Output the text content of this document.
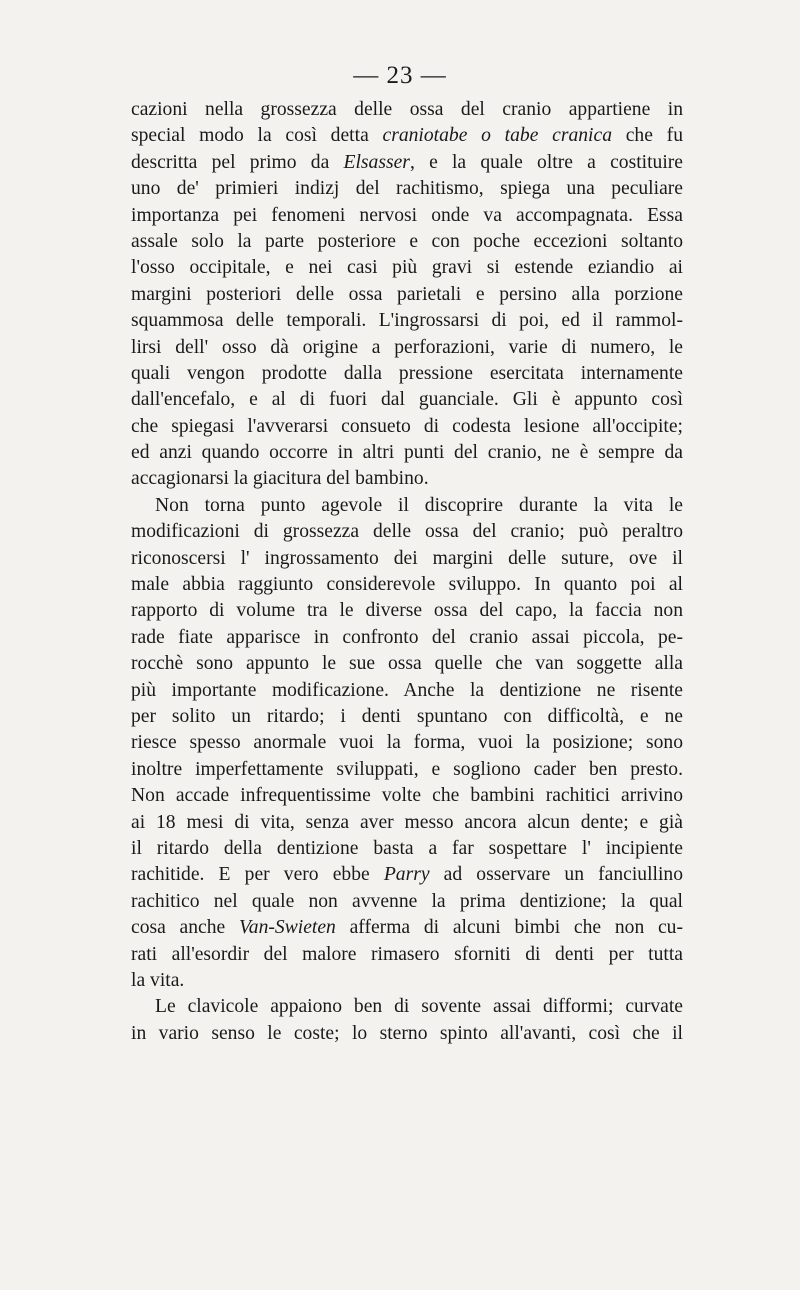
— 23 —
cazioni nella grossezza delle ossa del cranio appartiene in
special modo la così detta craniotabe o tabe cranica che fu
descritta pel primo da Elsasser, e la quale oltre a costituire
uno de' primieri indizj del rachitismo, spiega una peculiare
importanza pei fenomeni nervosi onde va accompagnata. Essa
assale solo la parte posteriore e con poche eccezioni soltanto
l'osso occipitale, e nei casi più gravi si estende eziandio ai
margini posteriori delle ossa parietali e persino alla porzione
squammosa delle temporali. L'ingrossarsi di poi, ed il rammol-
lirsi dell' osso dà origine a perforazioni, varie di numero, le
quali vengon prodotte dalla pressione esercitata internamente
dall'encefalo, e al di fuori dal guanciale. Gli è appunto così
che spiegasi l'avverarsi consueto di codesta lesione all'occipite;
ed anzi quando occorre in altri punti del cranio, ne è sempre da
accagionarsi la giacitura del bambino.
Non torna punto agevole il discoprire durante la vita le
modificazioni di grossezza delle ossa del cranio; può peraltro
riconoscersi l' ingrossamento dei margini delle suture, ove il
male abbia raggiunto considerevole sviluppo. In quanto poi al
rapporto di volume tra le diverse ossa del capo, la faccia non
rade fiate apparisce in confronto del cranio assai piccola, pe-
rocchè sono appunto le sue ossa quelle che van soggette alla
più importante modificazione. Anche la dentizione ne risente
per solito un ritardo; i denti spuntano con difficoltà, e ne
riesce spesso anormale vuoi la forma, vuoi la posizione; sono
inoltre imperfettamente sviluppati, e sogliono cader ben presto.
Non accade infrequentissime volte che bambini rachitici arrivino
ai 18 mesi di vita, senza aver messo ancora alcun dente; e già
il ritardo della dentizione basta a far sospettare l' incipiente
rachitide. E per vero ebbe Parry ad osservare un fanciullino
rachitico nel quale non avvenne la prima dentizione; la qual
cosa anche Van-Swieten afferma di alcuni bimbi che non cu-
rati all'esordir del malore rimasero sforniti di denti per tutta
la vita.
Le clavicole appaiono ben di sovente assai difformi; curvate
in vario senso le coste; lo sterno spinto all'avanti, così che il
